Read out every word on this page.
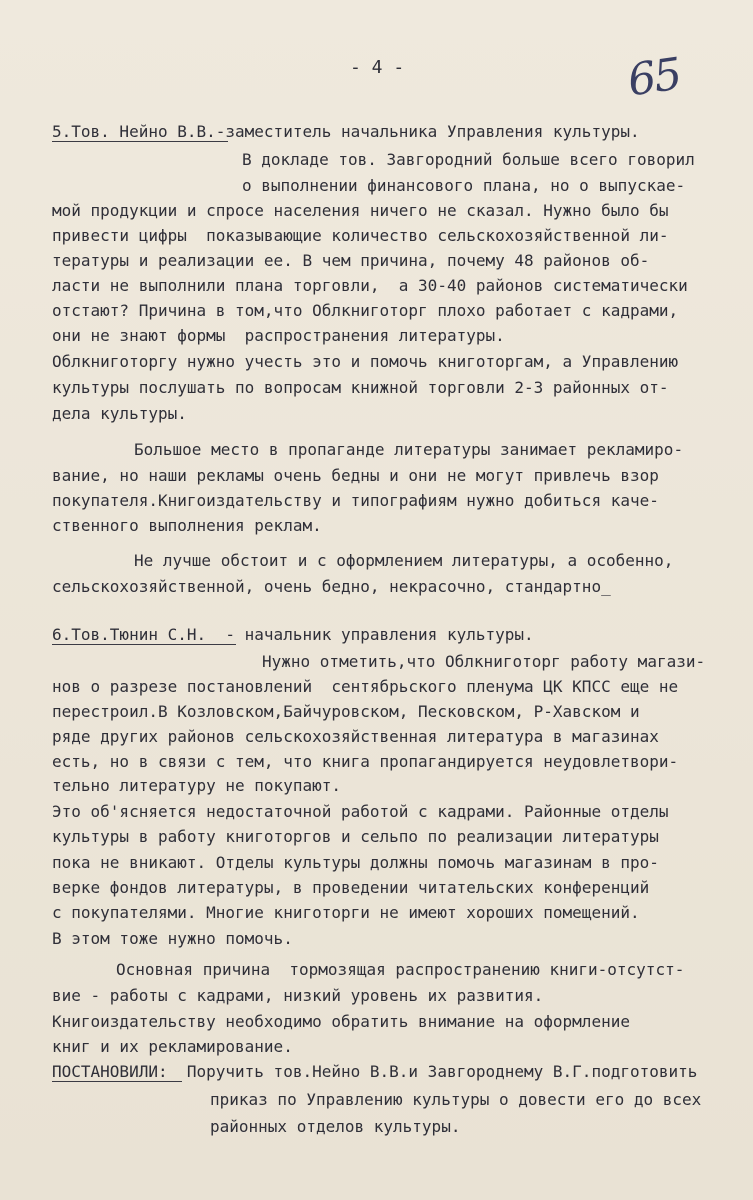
- 4 -	65
5.Тов. Нейно В.В.-заместитель начальника Управления культуры.
В докладе тов. Завгородний больше всего говорил
о выполнении финансового плана, но о выпускае-
мой продукции и спросе населения ничего не сказал. Нужно было бы
привести цифры  показывающие количество сельскохозяйственной ли-
тературы и реализации ее. В чем причина, почему 48 районов об-
ласти не выполнили плана торговли,  а 30-40 районов систематически
отстают? Причина в том,что Облкниготорг плохо работает с кадрами,
они не знают формы  распространения литературы.
Облкниготоргу нужно учесть это и помочь книготоргам, а Управлению
культуры послушать по вопросам книжной торговли 2-3 районных от-
дела культуры.
Большое место в пропаганде литературы занимает рекламиро-
вание, но наши рекламы очень бедны и они не могут привлечь взор
покупателя.Книгоиздательству и типографиям нужно добиться каче-
ственного выполнения реклам.
Не лучше обстоит и с оформлением литературы, а особенно,
сельскохозяйственной, очень бедно, некрасочно, стандартно_
6.Тов.Тюнин С.Н.  - начальник управления культуры.
Нужно отметить,что Облкниготорг работу магази-
нов о разрезе постановлений  сентябрьского пленума ЦК КПСС еще не
перестроил.В Козловском,Байчуровском, Песковском, Р-Хавском и
ряде других районов сельскохозяйственная литература в магазинах
есть, но в связи с тем, что книга пропагандируется неудовлетвори-
тельно литературу не покупают.
Это об'ясняется недостаточной работой с кадрами. Районные отделы
культуры в работу книготоргов и сельпо по реализации литературы
пока не вникают. Отделы культуры должны помочь магазинам в про-
верке фондов литературы, в проведении читательских конференций
с покупателями. Многие книготорги не имеют хороших помещений.
В этом тоже нужно помочь.
Основная причина  тормозящая распространению книги-отсутст-
вие - работы с кадрами, низкий уровень их развития.
Книгоиздательству необходимо обратить внимание на оформление
книг и их рекламирование.
ПОСТАНОВИЛИ:  Поручить тов.Нейно В.В.и Завгороднему В.Г.подготовить
приказ по Управлению культуры о довести его до всех
районных отделов культуры.
